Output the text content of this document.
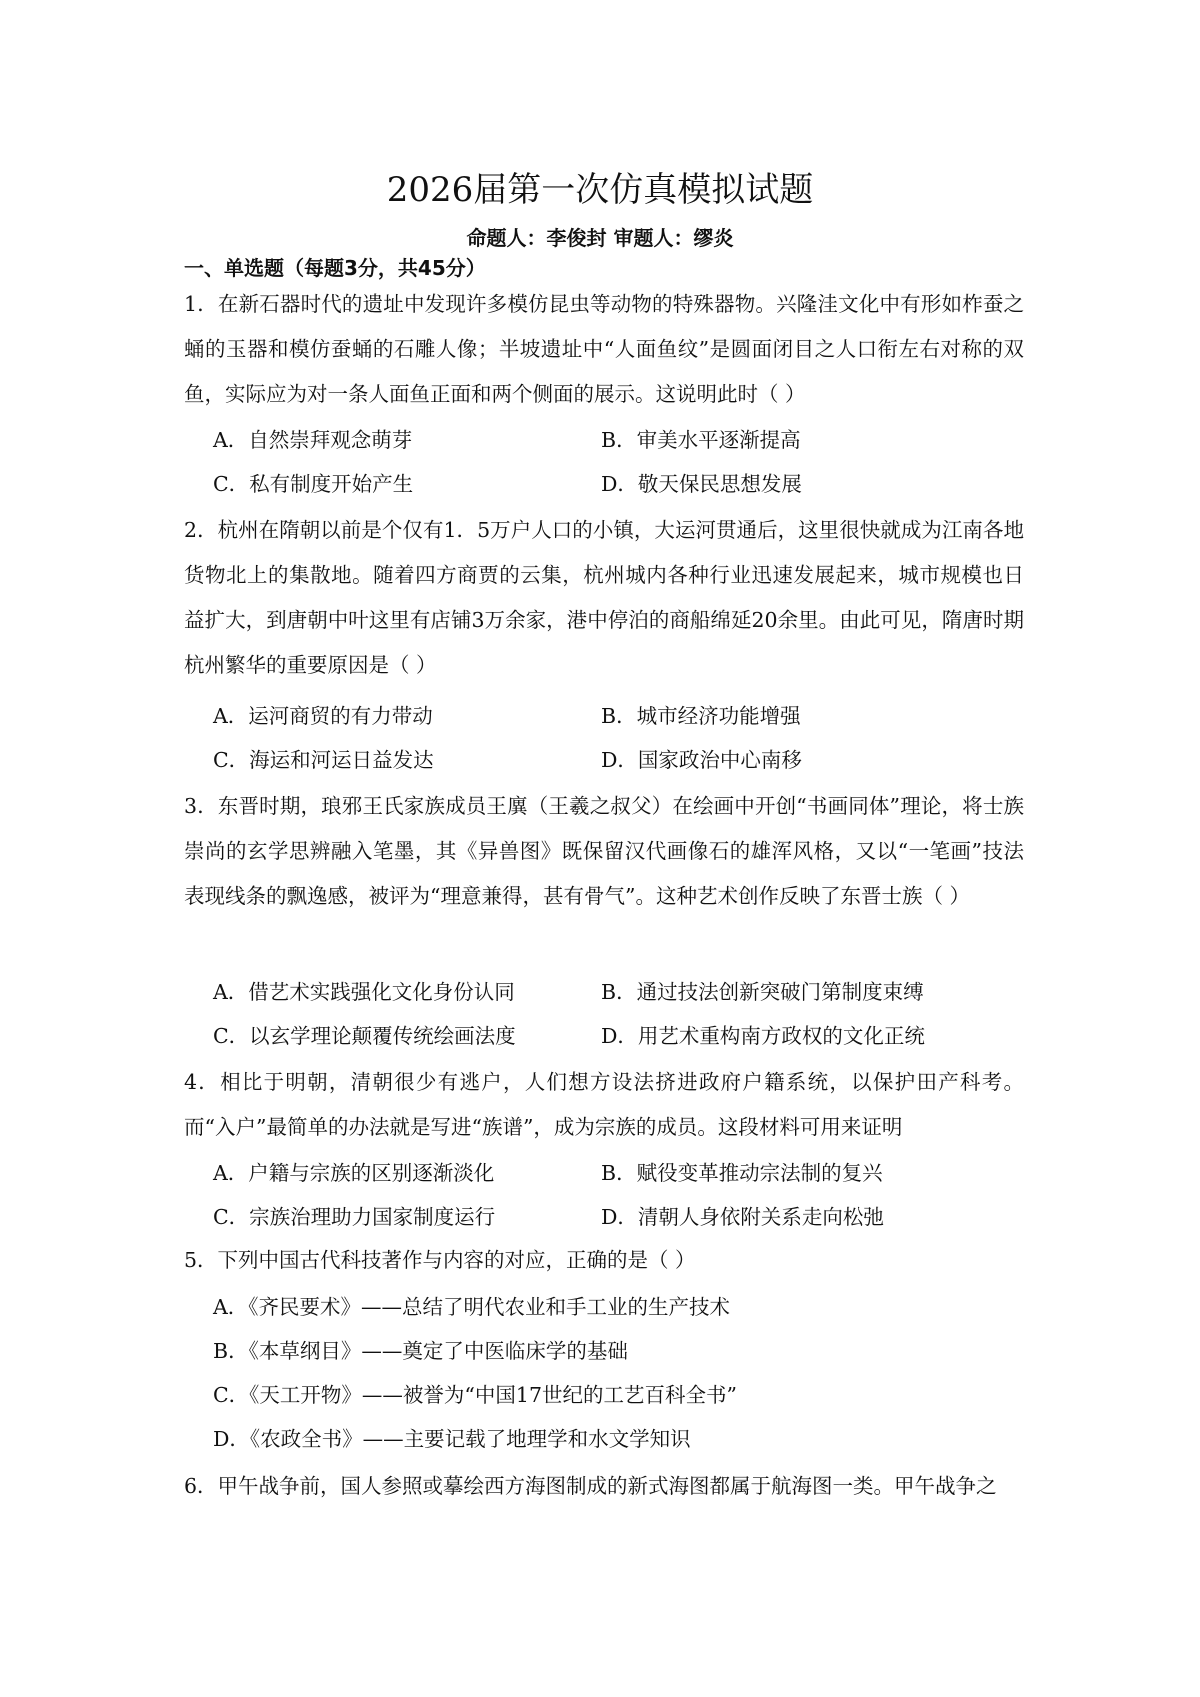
2026届第一次仿真模拟试题

命题人：李俊封 审题人：缪炎

一、单选题（每题3分，共45分）

1．在新石器时代的遗址中发现许多模仿昆虫等动物的特殊器物。兴隆洼文化中有形如柞蚕之蛹的玉器和模仿蚕蛹的石雕人像；半坡遗址中“人面鱼纹”是圆面闭目之人口衔左右对称的双鱼，实际应为对一条人面鱼正面和两个侧面的展示。这说明此时（ ）

A．自然崇拜观念萌芽	B．审美水平逐渐提高

C．私有制度开始产生	D．敬天保民思想发展

2．杭州在隋朝以前是个仅有1．5万户人口的小镇，大运河贯通后，这里很快就成为江南各地货物北上的集散地。随着四方商贾的云集，杭州城内各种行业迅速发展起来，城市规模也日益扩大，到唐朝中叶这里有店铺3万余家，港中停泊的商船绵延20余里。由此可见，隋唐时期杭州繁华的重要原因是（ ）

A．运河商贸的有力带动	B．城市经济功能增强

C．海运和河运日益发达	D．国家政治中心南移

3．东晋时期，琅邪王氏家族成员王廙（王羲之叔父）在绘画中开创“书画同体”理论，将士族崇尚的玄学思辨融入笔墨，其《异兽图》既保留汉代画像石的雄浑风格，又以“一笔画”技法表现线条的飘逸感，被评为“理意兼得，甚有骨气”。这种艺术创作反映了东晋士族（ ）

A．借艺术实践强化文化身份认同	B．通过技法创新突破门第制度束缚

C．以玄学理论颠覆传统绘画法度	D．用艺术重构南方政权的文化正统

4．相比于明朝，清朝很少有逃户，人们想方设法挤进政府户籍系统，以保护田产科考。而“入户”最简单的办法就是写进“族谱”，成为宗族的成员。这段材料可用来证明

A．户籍与宗族的区别逐渐淡化	B．赋役变革推动宗法制的复兴

C．宗族治理助力国家制度运行	D．清朝人身依附关系走向松弛

5．下列中国古代科技著作与内容的对应，正确的是（ ）

A．《齐民要术》——总结了明代农业和手工业的生产技术

B．《本草纲目》——奠定了中医临床学的基础

C．《天工开物》——被誉为“中国17世纪的工艺百科全书”

D．《农政全书》——主要记载了地理学和水文学知识

6．甲午战争前，国人参照或摹绘西方海图制成的新式海图都属于航海图一类。甲午战争之
